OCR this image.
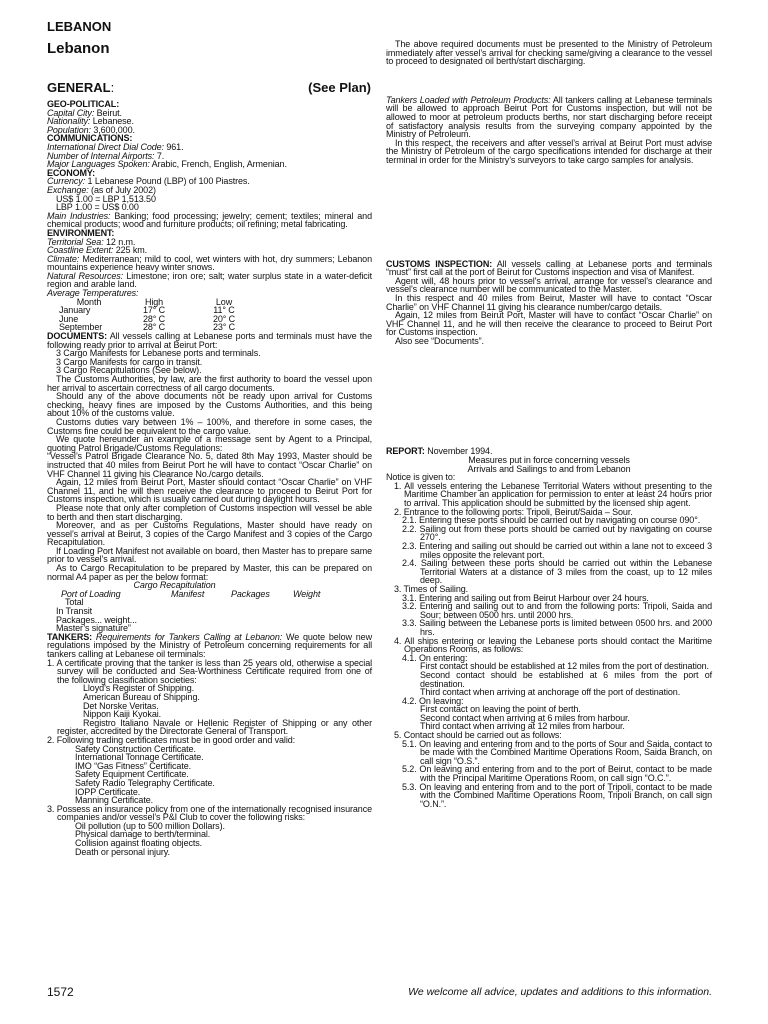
LEBANON
Lebanon
GENERAL:	(See Plan)

GEO-POLITICAL:

Capital City: Beirut.

Nationality: Lebanese.

Population: 3,600,000.

COMMUNICATIONS:

International Direct Dial Code: 961.

Number of Internal Airports: 7.

Major Languages Spoken: Arabic, French, English, Armenian.

ECONOMY:

Currency: 1 Lebanese Pound (LBP) of 100 Piastres.

Exchange: (as of July 2002)

US$ 1.00 = LBP 1,513.50

LBP 1.00 = US$ 0.00

Main Industries: Banking; food processing; jewelry; cement; textiles; mineral and chemical products; wood and furniture products; oil refining; metal fabricating.

ENVIRONMENT:

Territorial Sea: 12 n.m.

Coastline Extent: 225 km.

Climate: Mediterranean; mild to cool, wet winters with hot, dry summers; Lebanon mountains experience heavy winter snows.

Natural Resources: Limestone; iron ore; salt; water surplus state in a water-deficit region and arable land.

Average Temperatures:

Month	High	Low
January	17° C	11° C
June	28° C	20° C
September	28° C	23° C

DOCUMENTS: All vessels calling at Lebanese ports and terminals must have the following ready prior to arrival at Beirut Port:

3 Cargo Manifests for Lebanese ports and terminals.

3 Cargo Manifests for cargo in transit.

3 Cargo Recapitulations (See below).

The Customs Authorities, by law, are the first authority to board the vessel upon her arrival to ascertain correctness of all cargo documents.

Should any of the above documents not be ready upon arrival for Customs checking, heavy fines are imposed by the Customs Authorities, and this being about 10% of the customs value.

Customs duties vary between 1% – 100%, and therefore in some cases, the Customs fine could be equivalent to the cargo value.

We quote hereunder an example of a message sent by Agent to a Principal, quoting Patrol Brigade/Customs Regulations:

“Vessel’s Patrol Brigade Clearance No. 5, dated 8th May 1993, Master should be instructed that 40 miles from Beirut Port he will have to contact “Oscar Charlie” on VHF Channel 11 giving his Clearance No./cargo details.

Again, 12 miles from Beirut Port, Master should contact “Oscar Charlie” on VHF Channel 11, and he will then receive the clearance to proceed to Beirut Port for Customs inspection, which is usually carried out during daylight hours.

Please note that only after completion of Customs inspection will vessel be able to berth and then start discharging.

Moreover, and as per Customs Regulations, Master should have ready on vessel’s arrival at Beirut, 3 copies of the Cargo Manifest and 3 copies of the Cargo Recapitulation.

If Loading Port Manifest not available on board, then Master has to prepare same prior to vessel’s arrival.

As to Cargo Recapitulation to be prepared by Master, this can be prepared on normal A4 paper as per the below format:

Cargo Recapitulation

Port of Loading	Manifest	Packages	Weight

Total

In Transit

Packages... weight...

Master’s signature”

TANKERS: Requirements for Tankers Calling at Lebanon: We quote below new regulations imposed by the Ministry of Petroleum concerning requirements for all tankers calling at Lebanese oil terminals:

1. A certificate proving that the tanker is less than 25 years old, otherwise a special survey will be conducted and Sea-Worthiness Certificate required from one of the following classification societies:

Lloyd’s Register of Shipping.

American Bureau of Shipping.

Det Norske Veritas.

Nippon Kaiji Kyokai.

Registro Italiano Navale or Hellenic Register of Shipping or any other register, accredited by the Directorate General of Transport.

2. Following trading certificates must be in good order and valid:

Safety Construction Certificate.

International Tonnage Certificate.

IMO “Gas Fitness” Certificate.

Safety Equipment Certificate.

Safety Radio Telegraphy Certificate.

IOPP Certificate.

Manning Certificate.

3. Possess an insurance policy from one of the internationally recognised insurance companies and/or vessel’s P&I Club to cover the following risks:

Oil pollution (up to 500 million Dollars).

Physical damage to berth/terminal.

Collision against floating objects.

Death or personal injury.

The above required documents must be presented to the Ministry of Petroleum immediately after vessel’s arrival for checking same/giving a clearance to the vessel to proceed to designated oil berth/start discharging.

Tankers Loaded with Petroleum Products: All tankers calling at Lebanese terminals will be allowed to approach Beirut Port for Customs inspection, but will not be allowed to moor at petroleum products berths, nor start discharging before receipt of satisfactory analysis results from the surveying company appointed by the Ministry of Petroleum.

In this respect, the receivers and after vessel’s arrival at Beirut Port must advise the Ministry of Petroleum of the cargo specifications intended for discharge at their terminal in order for the Ministry’s surveyors to take cargo samples for analysis.

CUSTOMS INSPECTION: All vessels calling at Lebanese ports and terminals “must” first call at the port of Beirut for Customs inspection and visa of Manifest.

Agent will, 48 hours prior to vessel’s arrival, arrange for vessel’s clearance and vessel’s clearance number will be communicated to the Master.

In this respect and 40 miles from Beirut, Master will have to contact “Oscar Charlie” on VHF Channel 11 giving his clearance number/cargo details.

Again, 12 miles from Beirut Port, Master will have to contact “Oscar Charlie” on VHF Channel 11, and he will then receive the clearance to proceed to Beirut Port for Customs inspection.

Also see “Documents”.

REPORT: November 1994.

Measures put in force concerning vessels

Arrivals and Sailings to and from Lebanon

Notice is given to:

1. All vessels entering the Lebanese Territorial Waters without presenting to the Maritime Chamber an application for permission to enter at least 24 hours prior to arrival. This application should be submitted by the licensed ship agent.

2. Entrance to the following ports: Tripoli, Beirut/Saida – Sour.

2.1. Entering these ports should be carried out by navigating on course 090°.

2.2. Sailing out from these ports should be carried out by navigating on course 270°.

2.3. Entering and sailing out should be carried out within a lane not to exceed 3 miles opposite the relevant port.

2.4. Sailing between these ports should be carried out within the Lebanese Territorial Waters at a distance of 3 miles from the coast, up to 12 miles deep.

3. Times of Sailing.

3.1. Entering and sailing out from Beirut Harbour over 24 hours.

3.2. Entering and sailing out to and from the following ports: Tripoli, Saida and Sour; between 0500 hrs. until 2000 hrs.

3.3. Sailing between the Lebanese ports is limited between 0500 hrs. and 2000 hrs.

4. All ships entering or leaving the Lebanese ports should contact the Maritime Operations Rooms, as follows:

4.1. On entering:

First contact should be established at 12 miles from the port of destination.

Second contact should be established at 6 miles from the port of destination.

Third contact when arriving at anchorage off the port of destination.

4.2. On leaving:

First contact on leaving the point of berth.

Second contact when arriving at 6 miles from harbour.

Third contact when arriving at 12 miles from harbour.

5. Contact should be carried out as follows:

5.1. On leaving and entering from and to the ports of Sour and Saida, contact to be made with the Combined Maritime Operations Room, Saida Branch, on call sign “O.S.”.

5.2. On leaving and entering from and to the port of Beirut, contact to be made with the Principal Maritime Operations Room, on call sign “O.C.”.

5.3. On leaving and entering from and to the port of Tripoli, contact to be made with the Combined Maritime Operations Room, Tripoli Branch, on call sign “O.N.”.

1572	We welcome all advice, updates and additions to this information.
